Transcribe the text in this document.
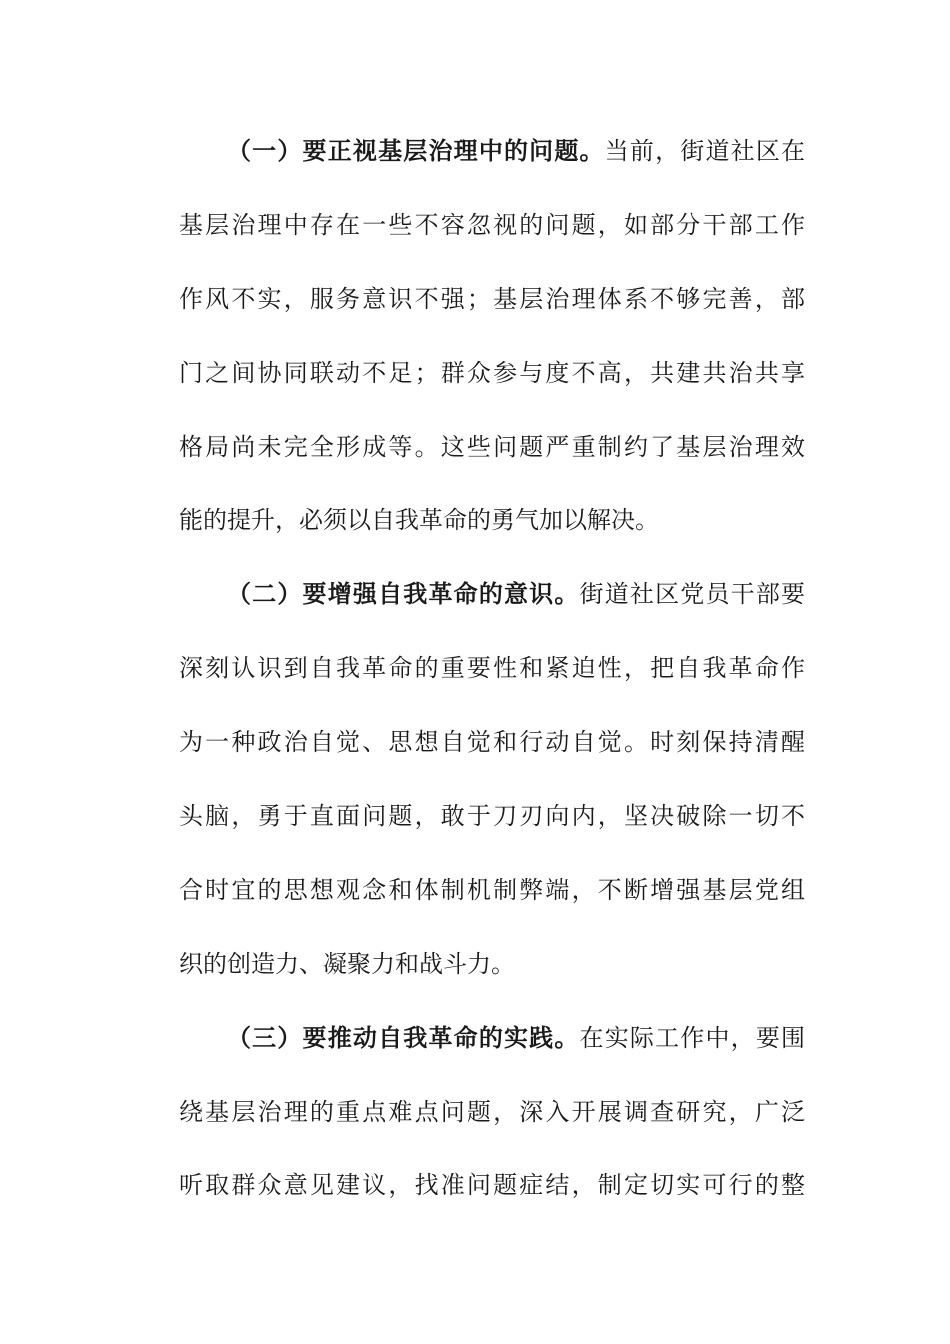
（一）要正视基层治理中的问题。当前，街道社区在
基层治理中存在一些不容忽视的问题，如部分干部工作
作风不实，服务意识不强；基层治理体系不够完善，部
门之间协同联动不足；群众参与度不高，共建共治共享
格局尚未完全形成等。这些问题严重制约了基层治理效
能的提升，必须以自我革命的勇气加以解决。
（二）要增强自我革命的意识。街道社区党员干部要
深刻认识到自我革命的重要性和紧迫性，把自我革命作
为一种政治自觉、思想自觉和行动自觉。时刻保持清醒
头脑，勇于直面问题，敢于刀刃向内，坚决破除一切不
合时宜的思想观念和体制机制弊端，不断增强基层党组
织的创造力、凝聚力和战斗力。
（三）要推动自我革命的实践。在实际工作中，要围
绕基层治理的重点难点问题，深入开展调查研究，广泛
听取群众意见建议，找准问题症结，制定切实可行的整
